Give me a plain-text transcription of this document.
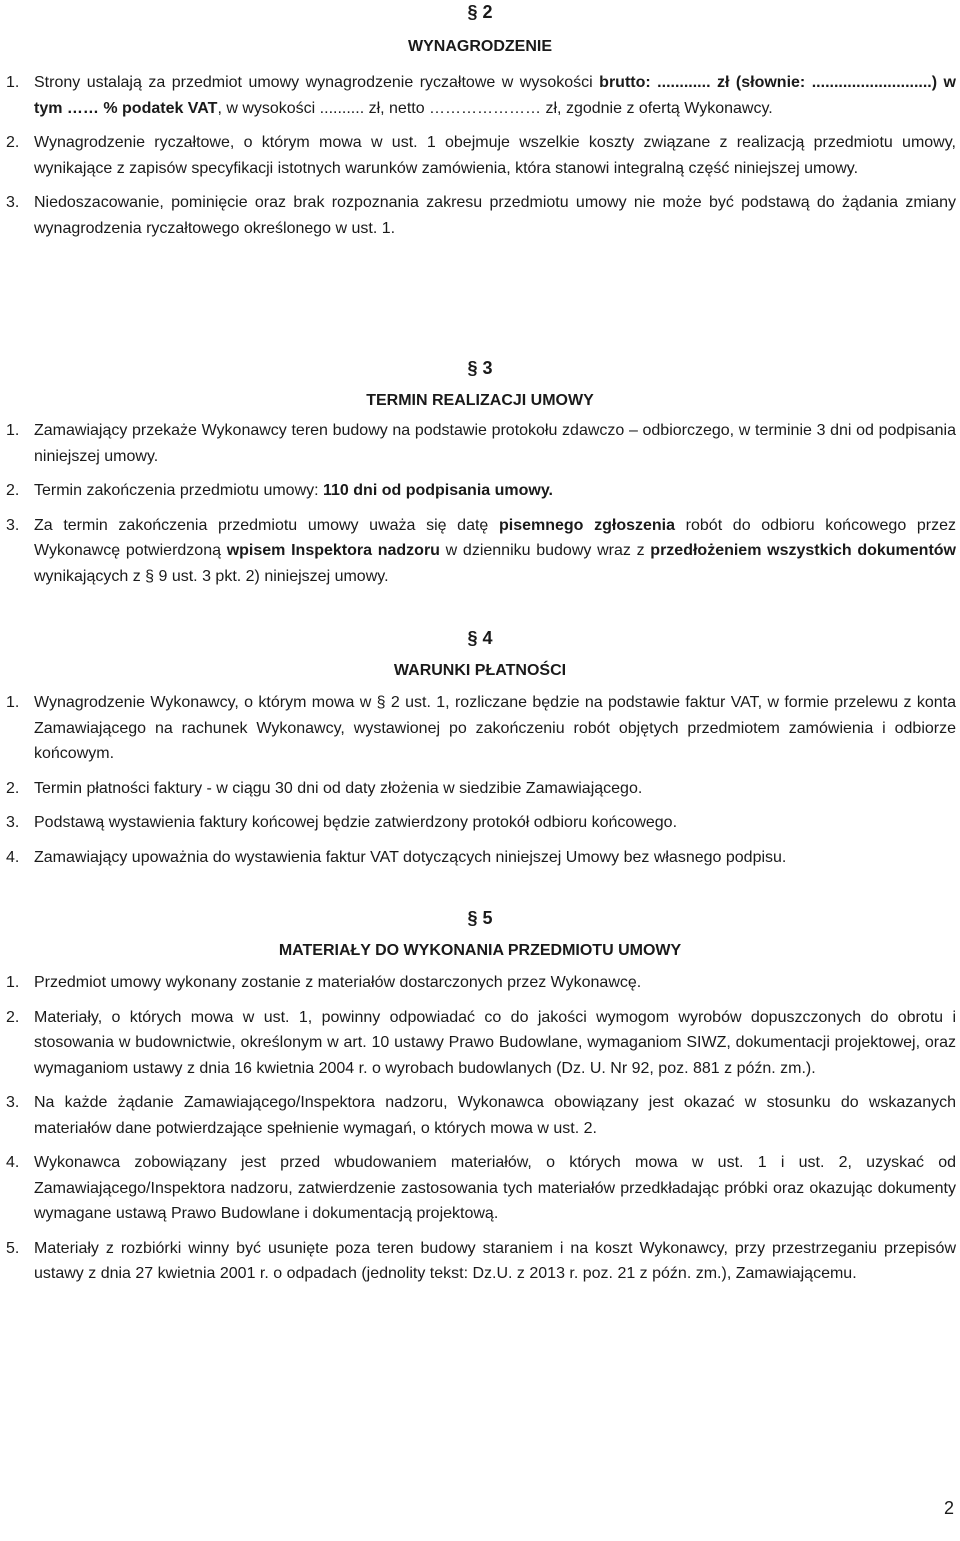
§ 2
WYNAGRODZENIE
1. Strony ustalają za przedmiot umowy wynagrodzenie ryczałtowe w wysokości brutto: ............ zł (słownie: ...........................) w tym …… % podatek VAT, w wysokości .......... zł, netto ………………… zł, zgodnie z ofertą Wykonawcy.
2. Wynagrodzenie ryczałtowe, o którym mowa w ust. 1 obejmuje wszelkie koszty związane z realizacją przedmiotu umowy, wynikające z zapisów specyfikacji istotnych warunków zamówienia, która stanowi integralną część niniejszej umowy.
3. Niedoszacowanie, pominięcie oraz brak rozpoznania zakresu przedmiotu umowy nie może być podstawą do żądania zmiany wynagrodzenia ryczałtowego określonego w ust. 1.
§ 3
TERMIN REALIZACJI UMOWY
1. Zamawiający przekaże Wykonawcy teren budowy na podstawie protokołu zdawczo – odbiorczego, w terminie 3 dni od podpisania niniejszej umowy.
2. Termin zakończenia przedmiotu umowy: 110 dni od podpisania umowy.
3. Za termin zakończenia przedmiotu umowy uważa się datę pisemnego zgłoszenia robót do odbioru końcowego przez Wykonawcę potwierdzoną wpisem Inspektora nadzoru w dzienniku budowy wraz z przedłożeniem wszystkich dokumentów wynikających z § 9 ust. 3 pkt. 2) niniejszej umowy.
§ 4
WARUNKI PŁATNOŚCI
1. Wynagrodzenie Wykonawcy, o którym mowa w § 2 ust. 1, rozliczane będzie na podstawie faktur VAT, w formie przelewu z konta Zamawiającego na rachunek Wykonawcy, wystawionej po zakończeniu robót objętych przedmiotem zamówienia i odbiorze końcowym.
2. Termin płatności faktury - w ciągu 30 dni od daty złożenia w siedzibie Zamawiającego.
3. Podstawą wystawienia faktury końcowej będzie zatwierdzony protokół odbioru końcowego.
4. Zamawiający upoważnia do wystawienia faktur VAT dotyczących niniejszej Umowy bez własnego podpisu.
§ 5
MATERIAŁY DO WYKONANIA PRZEDMIOTU UMOWY
1. Przedmiot umowy wykonany zostanie z materiałów dostarczonych przez Wykonawcę.
2. Materiały, o których mowa w ust. 1, powinny odpowiadać co do jakości wymogom wyrobów dopuszczonych do obrotu i stosowania w budownictwie, określonym w art. 10 ustawy Prawo Budowlane, wymaganiom SIWZ, dokumentacji projektowej, oraz wymaganiom ustawy z dnia 16 kwietnia 2004 r. o wyrobach budowlanych (Dz. U. Nr 92, poz. 881 z późn. zm.).
3. Na każde żądanie Zamawiającego/Inspektora nadzoru, Wykonawca obowiązany jest okazać w stosunku do wskazanych materiałów dane potwierdzające spełnienie wymagań, o których mowa w ust. 2.
4. Wykonawca zobowiązany jest przed wbudowaniem materiałów, o których mowa w ust. 1 i ust. 2, uzyskać od Zamawiającego/Inspektora nadzoru, zatwierdzenie zastosowania tych materiałów przedkładając próbki oraz okazując dokumenty wymagane ustawą Prawo Budowlane i dokumentacją projektową.
5. Materiały z rozbiórki winny być usunięte poza teren budowy staraniem i na koszt Wykonawcy, przy przestrzeganiu przepisów ustawy z dnia 27 kwietnia 2001 r. o odpadach (jednolity tekst: Dz.U. z 2013 r. poz. 21 z późn. zm.), Zamawiającemu.
2
